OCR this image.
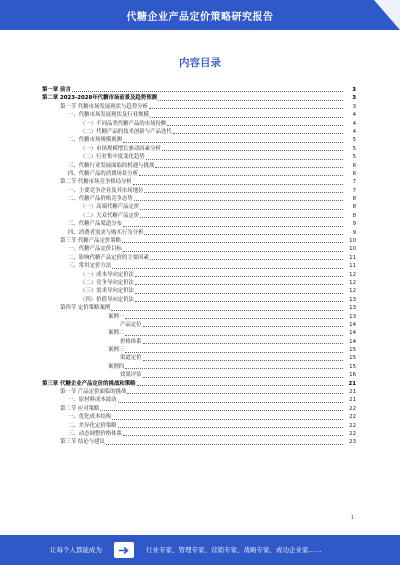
代糖企业产品定价策略研究报告
内容目录
第一章 前言	3
第二章 2023-2028年代糖市场前景及趋势预测	3
第一节 代糖市场发展现状与趋势分析	3
一、代糖市场发展现状及行业规模	4
（一）不同品类代糖产品的市场份额	4
（二）代糖产品的技术创新与产品迭代	4
二、代糖市场规模预测	5
（一）市场规模增长驱动因素分析	5
（二）行业集中度变化趋势	5
三、代糖行业发展面临的机遇与挑战	6
四、代糖产品的消费场景分析	6
第二节 代糖市场竞争格局分析	7
一、主要竞争企业及其市场地位	7
二、代糖产品价格竞争态势	8
（一）高端代糖产品定价	8
（二）大众代糖产品定价	8
三、代糖产品渠道分布	9
四、消费者需求与购买行为分析	9
第三节 代糖产品定价策略	10
一、代糖产品定价目标	10
二、影响代糖产品定价的主要因素	11
三、常用定价方法	11
（一）成本导向定价法	12
（二）竞争导向定价法	12
（三）需求导向定价法	12
（四）价值导向定价法	13
第四节 定价策略案例	13
案例一	13
产品定位	14
案例二	14
价格体系	14
案例三	15
渠道定价	15
案例四	15
效果评估	16
第三章 代糖企业产品定价的挑战和策略	21
第一节 产品定价面临的挑战	21
一、原材料成本波动	21
第二节 应对策略	22
一、优化成本结构	22
二、差异化定价策略	22
三、动态调整价格体系	22
第三节 结论与建议	23
1
让每个人都能成为	行业专家、管理专家、营销专家、战略专家、成功企业家……
